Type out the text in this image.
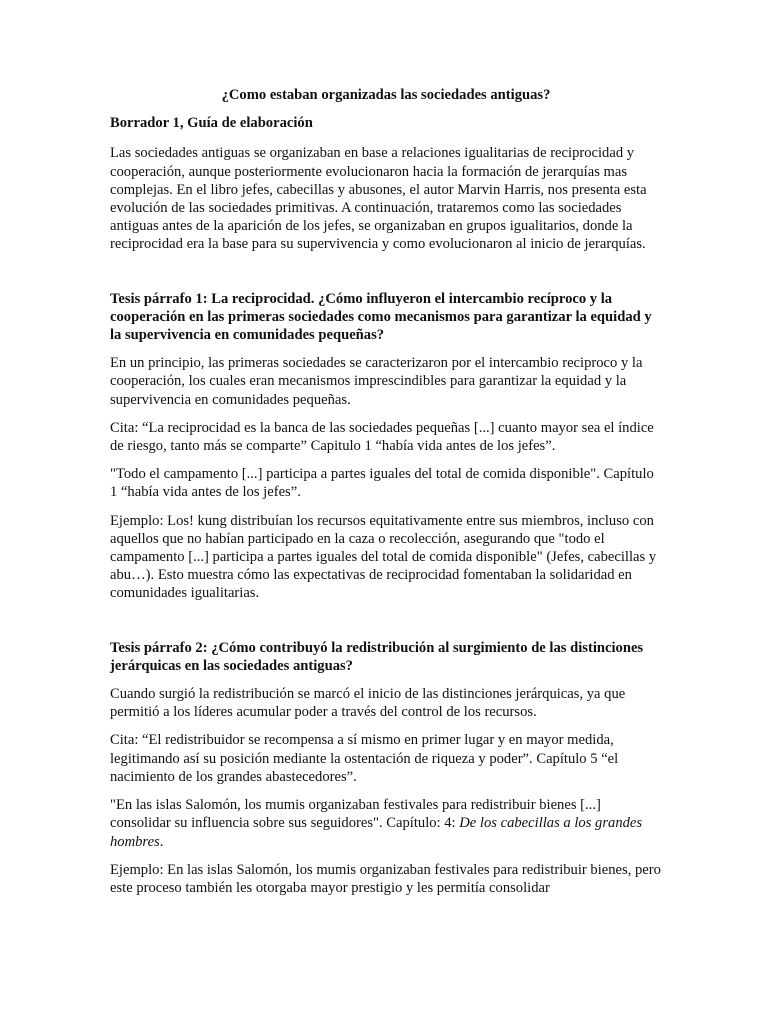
¿Como estaban organizadas las sociedades antiguas?

Borrador 1, Guía de elaboración

Las sociedades antiguas se organizaban en base a relaciones igualitarias de reciprocidad y cooperación, aunque posteriormente evolucionaron hacia la formación de jerarquías mas complejas. En el libro jefes, cabecillas y abusones, el autor Marvin Harris, nos presenta esta evolución de las sociedades primitivas. A continuación, trataremos como las sociedades antiguas antes de la aparición de los jefes, se organizaban en grupos igualitarios, donde la reciprocidad era la base para su supervivencia y como evolucionaron al inicio de jerarquías.

Tesis párrafo 1: La reciprocidad. ¿Cómo influyeron el intercambio recíproco y la cooperación en las primeras sociedades como mecanismos para garantizar la equidad y la supervivencia en comunidades pequeñas?

En un principio, las primeras sociedades se caracterizaron por el intercambio reciproco y la cooperación, los cuales eran mecanismos imprescindibles para garantizar la equidad y la supervivencia en comunidades pequeñas.

Cita: “La reciprocidad es la banca de las sociedades pequeñas [...] cuanto mayor sea el índice de riesgo, tanto más se comparte” Capitulo 1 “había vida antes de los jefes”.

"Todo el campamento [...] participa a partes iguales del total de comida disponible". Capítulo 1 “había vida antes de los jefes”.

Ejemplo: Los! kung distribuían los recursos equitativamente entre sus miembros, incluso con aquellos que no habían participado en la caza o recolección, asegurando que "todo el campamento [...] participa a partes iguales del total de comida disponible" (Jefes, cabecillas y abu…). Esto muestra cómo las expectativas de reciprocidad fomentaban la solidaridad en comunidades igualitarias.

Tesis párrafo 2: ¿Cómo contribuyó la redistribución al surgimiento de las distinciones jerárquicas en las sociedades antiguas?

Cuando surgió la redistribución se marcó el inicio de las distinciones jerárquicas, ya que permitió a los líderes acumular poder a través del control de los recursos.

Cita: “El redistribuidor se recompensa a sí mismo en primer lugar y en mayor medida, legitimando así su posición mediante la ostentación de riqueza y poder”. Capítulo 5 “el nacimiento de los grandes abastecedores”.

"En las islas Salomón, los mumis organizaban festivales para redistribuir bienes [...] consolidar su influencia sobre sus seguidores". Capítulo: 4: De los cabecillas a los grandes hombres.

Ejemplo: En las islas Salomón, los mumis organizaban festivales para redistribuir bienes, pero este proceso también les otorgaba mayor prestigio y les permitía consolidar
